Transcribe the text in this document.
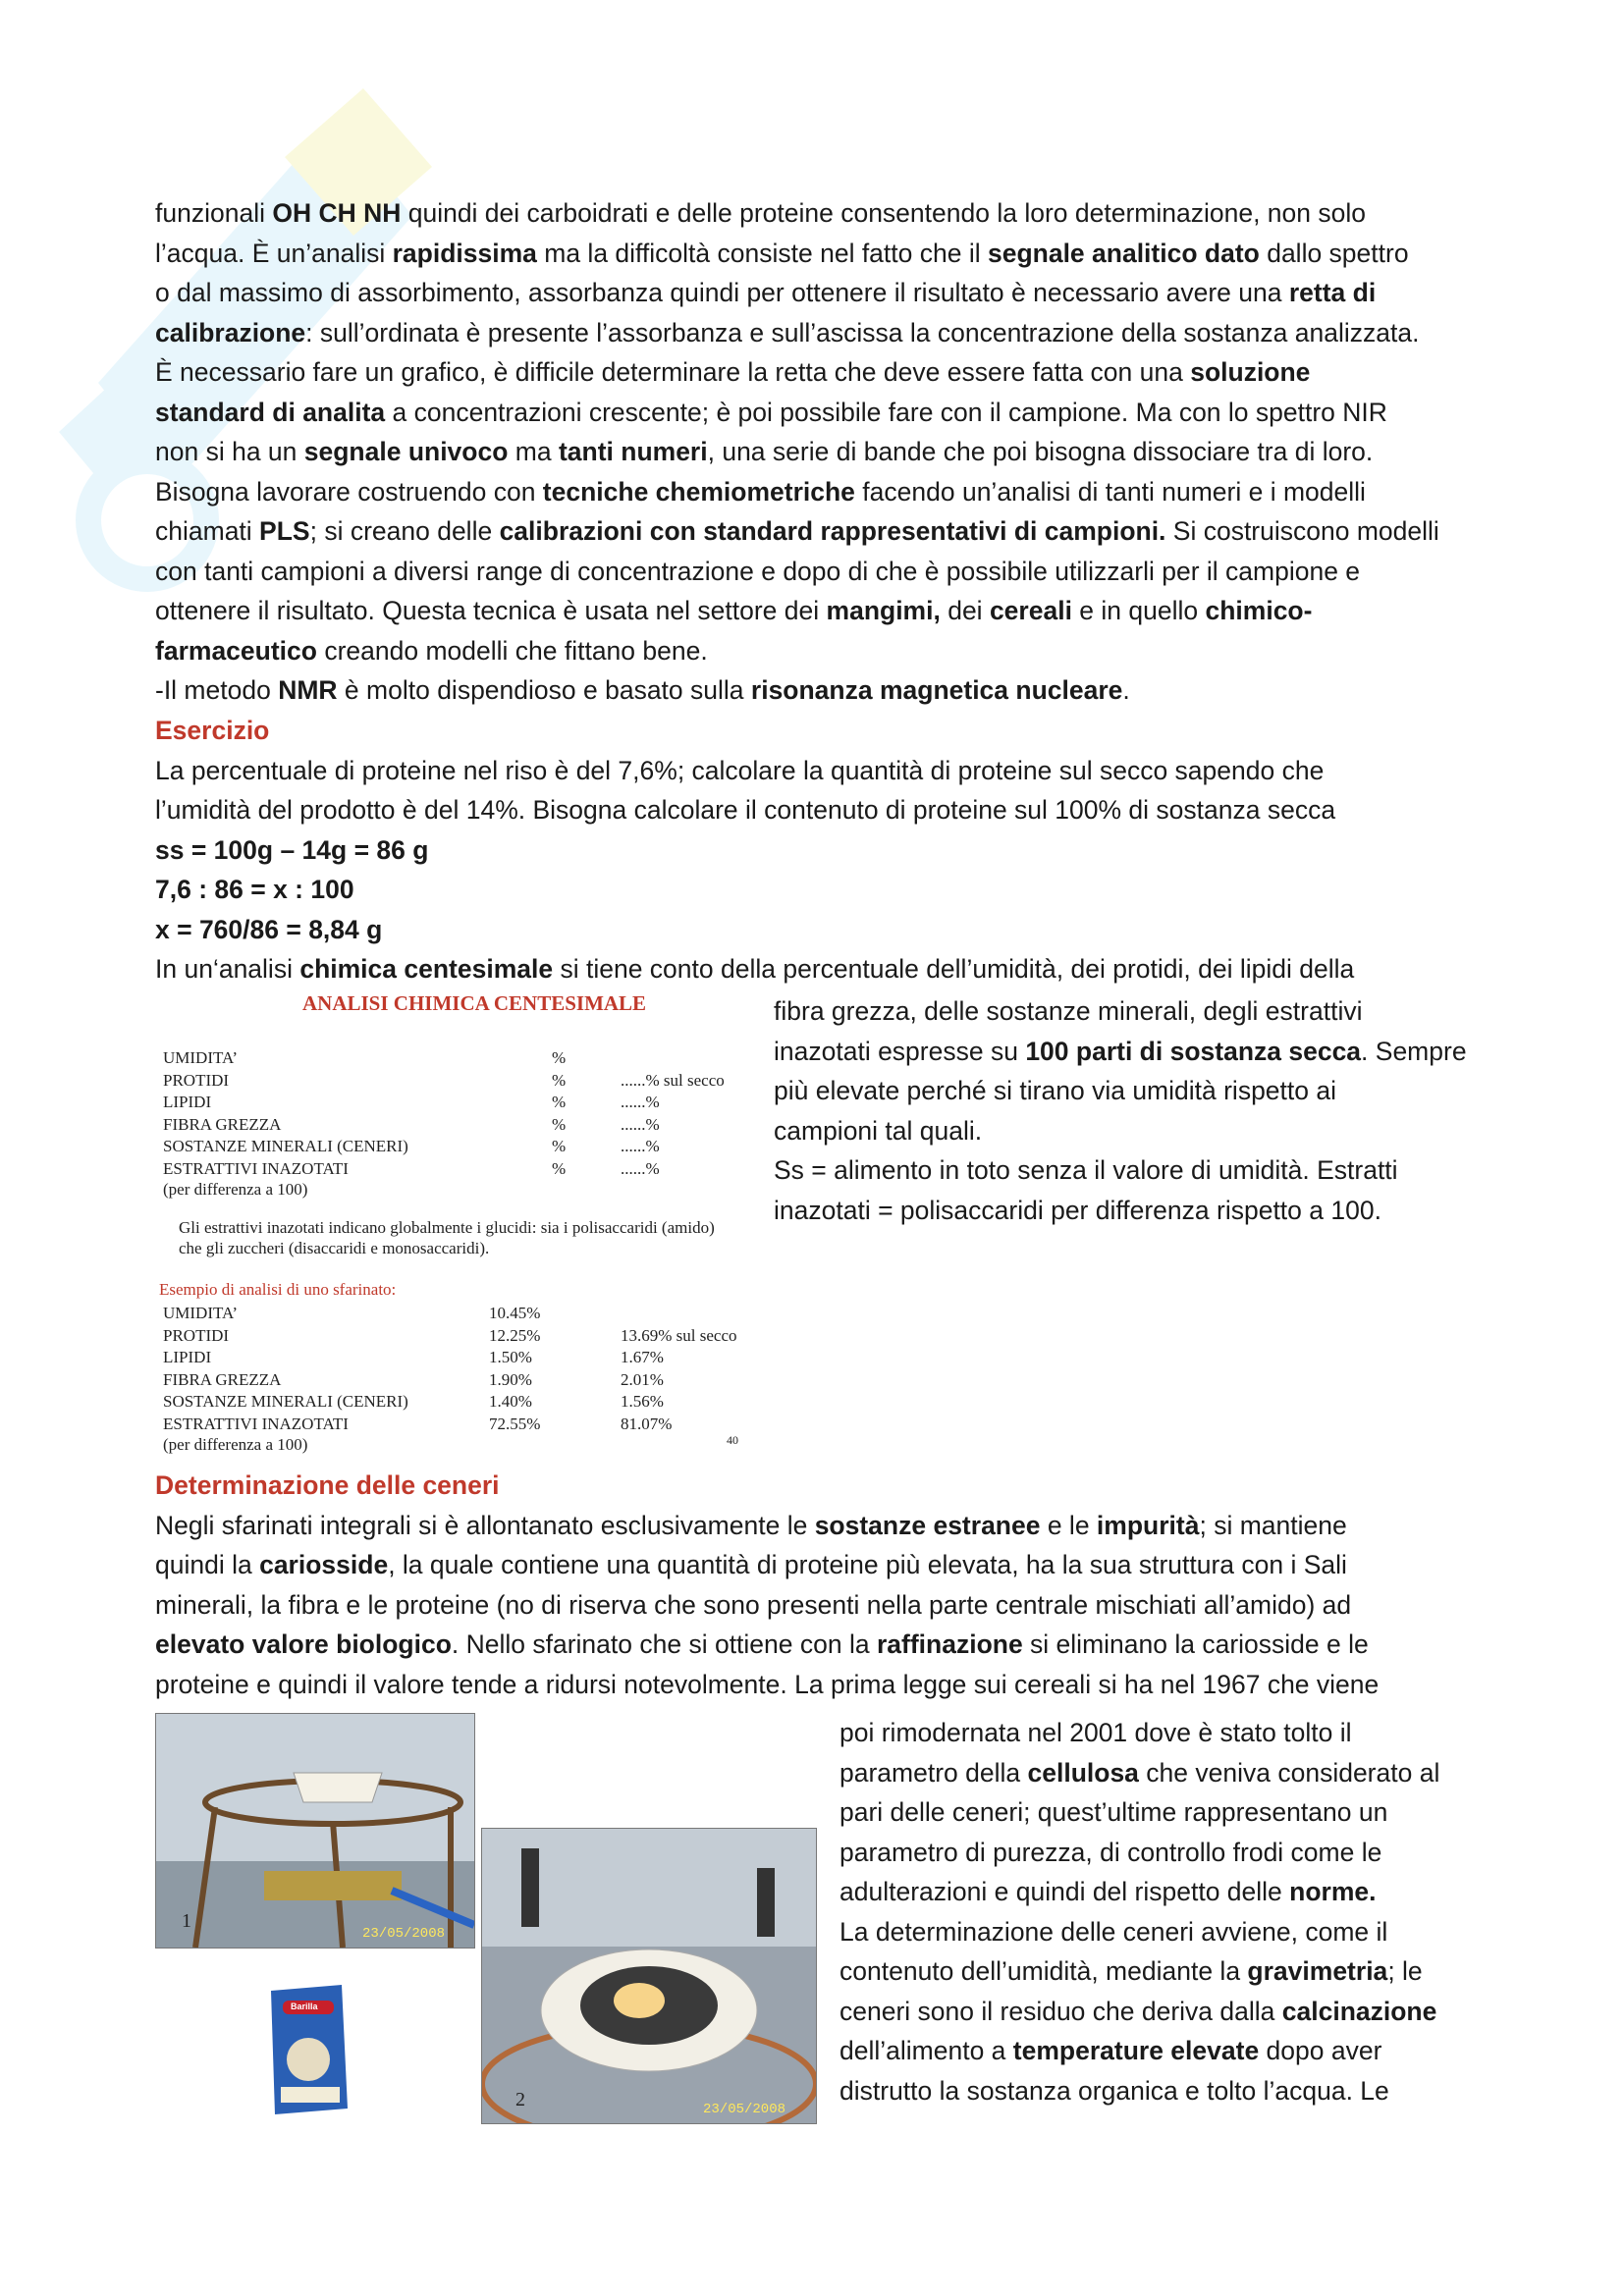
funzionali OH CH NH quindi dei carboidrati e delle proteine consentendo la loro determinazione, non solo

l’acqua. È un’analisi rapidissima ma la difficoltà consiste nel fatto che il segnale analitico dato dallo spettro

o dal massimo di assorbimento, assorbanza quindi per ottenere il risultato è necessario avere una retta di

calibrazione: sull’ordinata è presente l’assorbanza e sull’ascissa la concentrazione della sostanza analizzata.

È necessario fare un grafico, è difficile determinare la retta che deve essere fatta con una soluzione

standard di analita a concentrazioni crescente; è poi possibile fare con il campione. Ma con lo spettro NIR

non si ha un segnale univoco ma tanti numeri, una serie di bande che poi bisogna dissociare tra di loro.

Bisogna lavorare costruendo con tecniche chemiometriche facendo un’analisi di tanti numeri e i modelli

chiamati PLS; si creano delle calibrazioni con standard rappresentativi di campioni. Si costruiscono modelli

con tanti campioni a diversi range di concentrazione e dopo di che è possibile utilizzarli per il campione e

ottenere il risultato. Questa tecnica è usata nel settore dei mangimi, dei cereali e in quello chimico-

farmaceutico creando modelli che fittano bene.

-Il metodo NMR è molto dispendioso e basato sulla risonanza magnetica nucleare.

Esercizio

La percentuale di proteine nel riso è del 7,6%; calcolare la quantità di proteine sul secco sapendo che

l’umidità del prodotto è del 14%. Bisogna calcolare il contenuto di proteine sul 100% di sostanza secca

ss = 100g – 14g = 86 g

7,6 : 86 = x : 100

x = 760/86 = 8,84 g

In un‘analisi chimica centesimale si tiene conto della percentuale dell’umidità, dei protidi, dei lipidi della

ANALISI CHIMICA CENTESIMALE
UMIDITA’	%
PROTIDI	%	......% sul secco
LIPIDI	%	......%
FIBRA GREZZA	%	......%
SOSTANZE MINERALI (CENERI)	%	......%
ESTRATTIVI INAZOTATI	%	......%
(per differenza a 100)
Gli estrattivi inazotati indicano globalmente i glucidi: sia i polisaccaridi (amido) che gli zuccheri (disaccaridi e monosaccaridi).
Esempio di analisi di uno sfarinato:
UMIDITA’	10.45%
PROTIDI	12.25%	13.69% sul secco
LIPIDI	1.50%	1.67%
FIBRA GREZZA	1.90%	2.01%
SOSTANZE MINERALI (CENERI)	1.40%	1.56%
ESTRATTIVI INAZOTATI	72.55%	81.07%
(per differenza a 100)	40

fibra grezza, delle sostanze minerali, degli estrattivi

inazotati espresse su 100 parti di sostanza secca. Sempre

più elevate perché si tirano via umidità rispetto ai

campioni tal quali.

Ss = alimento in toto senza il valore di umidità. Estratti

inazotati = polisaccaridi per differenza rispetto a 100.

Determinazione delle ceneri

Negli sfarinati integrali si è allontanato esclusivamente le sostanze estranee e le impurità; si mantiene

quindi la cariosside, la quale contiene una quantità di proteine più elevata, ha la sua struttura con i Sali

minerali, la fibra e le proteine (no di riserva che sono presenti nella parte centrale mischiati all’amido) ad

elevato valore biologico. Nello sfarinato che si ottiene con la raffinazione si eliminano la cariosside e le

proteine e quindi il valore tende a ridursi notevolmente. La prima legge sui cereali si ha nel 1967 che viene

poi rimodernata nel 2001 dove è stato tolto il

parametro della cellulosa che veniva considerato al

pari delle ceneri; quest’ultime rappresentano un

parametro di purezza, di controllo frodi come le

adulterazioni e quindi del rispetto delle norme.

La determinazione delle ceneri avviene, come il

contenuto dell’umidità, mediante la gravimetria; le

ceneri sono il residuo che deriva dalla calcinazione

dell’alimento a temperature elevate dopo aver

distrutto la sostanza organica e tolto l’acqua. Le

1
23/05/2008
2	23/05/2008
Barilla
